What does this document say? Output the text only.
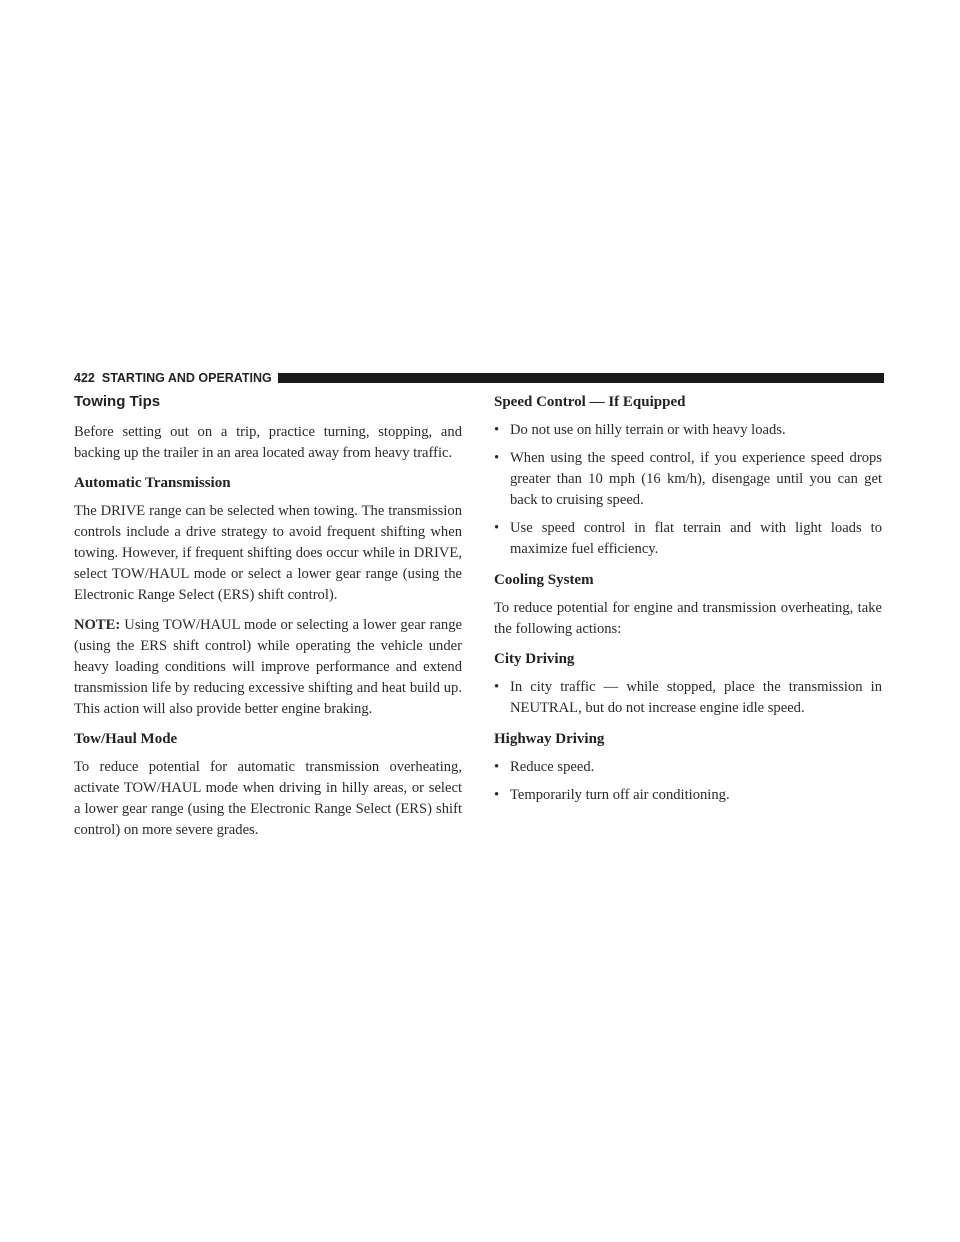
422 STARTING AND OPERATING
Towing Tips

Before setting out on a trip, practice turning, stopping, and backing up the trailer in an area located away from heavy traffic.

Automatic Transmission

The DRIVE range can be selected when towing. The transmission controls include a drive strategy to avoid frequent shifting when towing. However, if frequent shifting does occur while in DRIVE, select TOW/HAUL mode or select a lower gear range (using the Electronic Range Select (ERS) shift control).

NOTE: Using TOW/HAUL mode or selecting a lower gear range (using the ERS shift control) while operating the vehicle under heavy loading conditions will improve performance and extend transmission life by reducing excessive shifting and heat build up. This action will also provide better engine braking.

Tow/Haul Mode

To reduce potential for automatic transmission overheating, activate TOW/HAUL mode when driving in hilly areas, or select a lower gear range (using the Electronic Range Select (ERS) shift control) on more severe grades.

Speed Control — If Equipped
• Do not use on hilly terrain or with heavy loads.
• When using the speed control, if you experience speed drops greater than 10 mph (16 km/h), disengage until you can get back to cruising speed.
• Use speed control in flat terrain and with light loads to maximize fuel efficiency.
Cooling System

To reduce potential for engine and transmission overheating, take the following actions:

City Driving
• In city traffic — while stopped, place the transmission in NEUTRAL, but do not increase engine idle speed.
Highway Driving
• Reduce speed.
• Temporarily turn off air conditioning.
